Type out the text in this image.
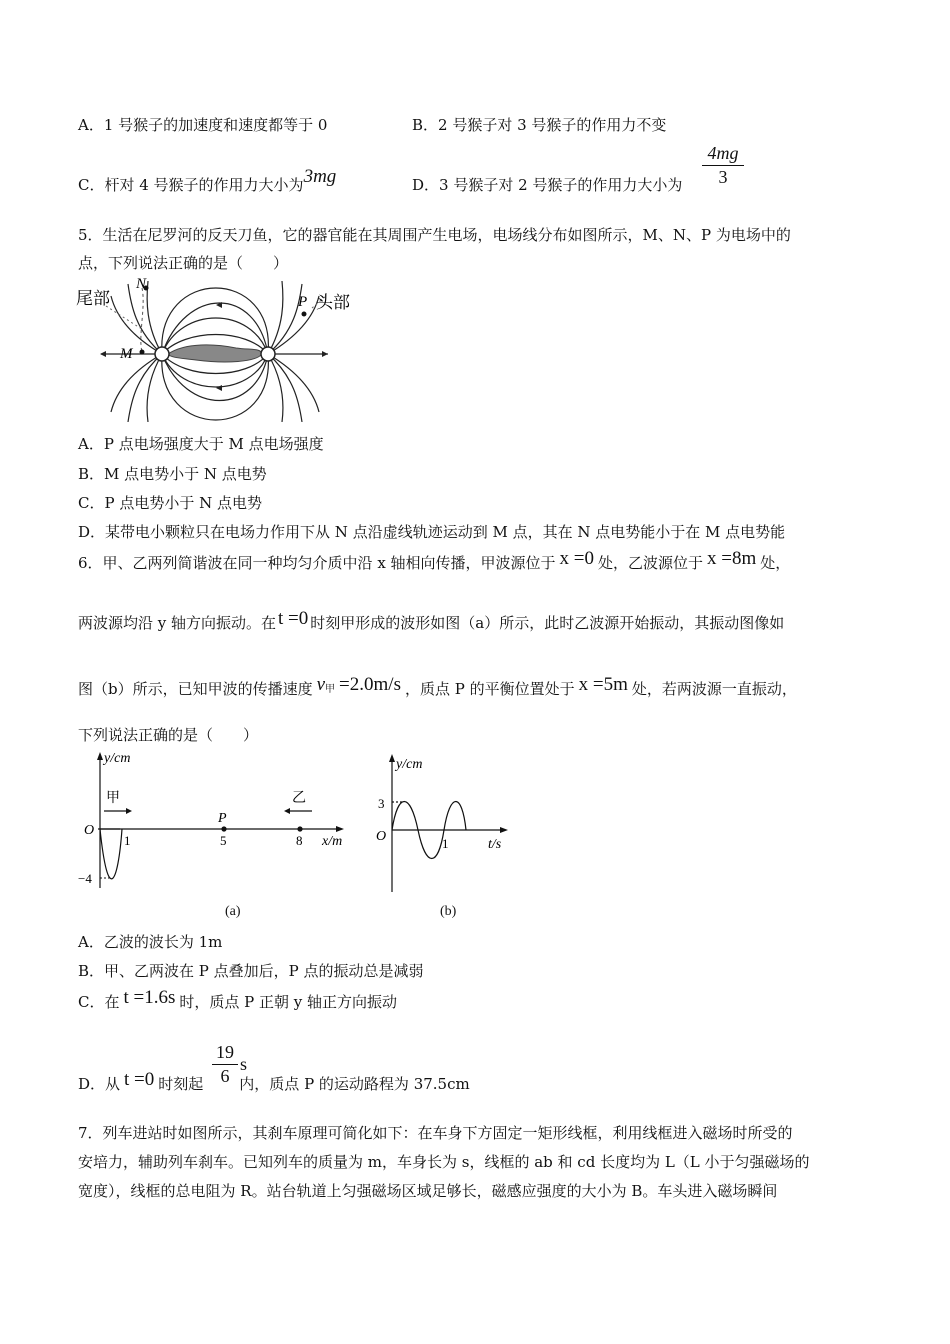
A．1 号猴子的加速度和速度都等于 0	B．2 号猴子对 3 号猴子的作用力不变
C．杆对 4 号猴子的作用力大小为3mg	D．3 号猴子对 2 号猴子的作用力大小为
4mg
3
5．生活在尼罗河的反天刀鱼，它的器官能在其周围产生电场，电场线分布如图所示，M、N、P 为电场中的
点，下列说法正确的是（　　）
尾部	头部
N
P
M
A．P 点电场强度大于 M 点电场强度
B．M 点电势小于 N 点电势
C．P 点电势小于 N 点电势
D．某带电小颗粒只在电场力作用下从 N 点沿虚线轨迹运动到 M 点，其在 N 点电势能小于在 M 点电势能
6．甲、乙两列简谐波在同一种均匀介质中沿 x 轴相向传播，甲波源位于 x =0 处，乙波源位于 x =8m 处，
两波源均沿 y 轴方向振动。在 t =0 时刻甲形成的波形如图（a）所示，此时乙波源开始振动，其振动图像如
图（b）所示，已知甲波的传播速度 v甲 =2.0m/s ，质点 P 的平衡位置处于 x =5m 处，若两波源一直振动，
下列说法正确的是（　　）
y/cm
x/m
O
甲	乙
P
1	5	8
−4
(a)
y/cm
t/s
O
3
1
(b)
A．乙波的波长为 1m
B．甲、乙两波在 P 点叠加后，P 点的振动总是减弱
C．在 t =1.6s 时，质点 P 正朝 y 轴正方向振动
D．从 t =0 时刻起 内，质点 P 的运动路程为 37.5cm
19
6
s
7．列车进站时如图所示，其刹车原理可简化如下：在车身下方固定一矩形线框，利用线框进入磁场时所受的
安培力，辅助列车刹车。已知列车的质量为 m，车身长为 s，线框的 ab 和 cd 长度均为 L（L 小于匀强磁场的
宽度），线框的总电阻为 R。站台轨道上匀强磁场区域足够长，磁感应强度的大小为 B。车头进入磁场瞬间
